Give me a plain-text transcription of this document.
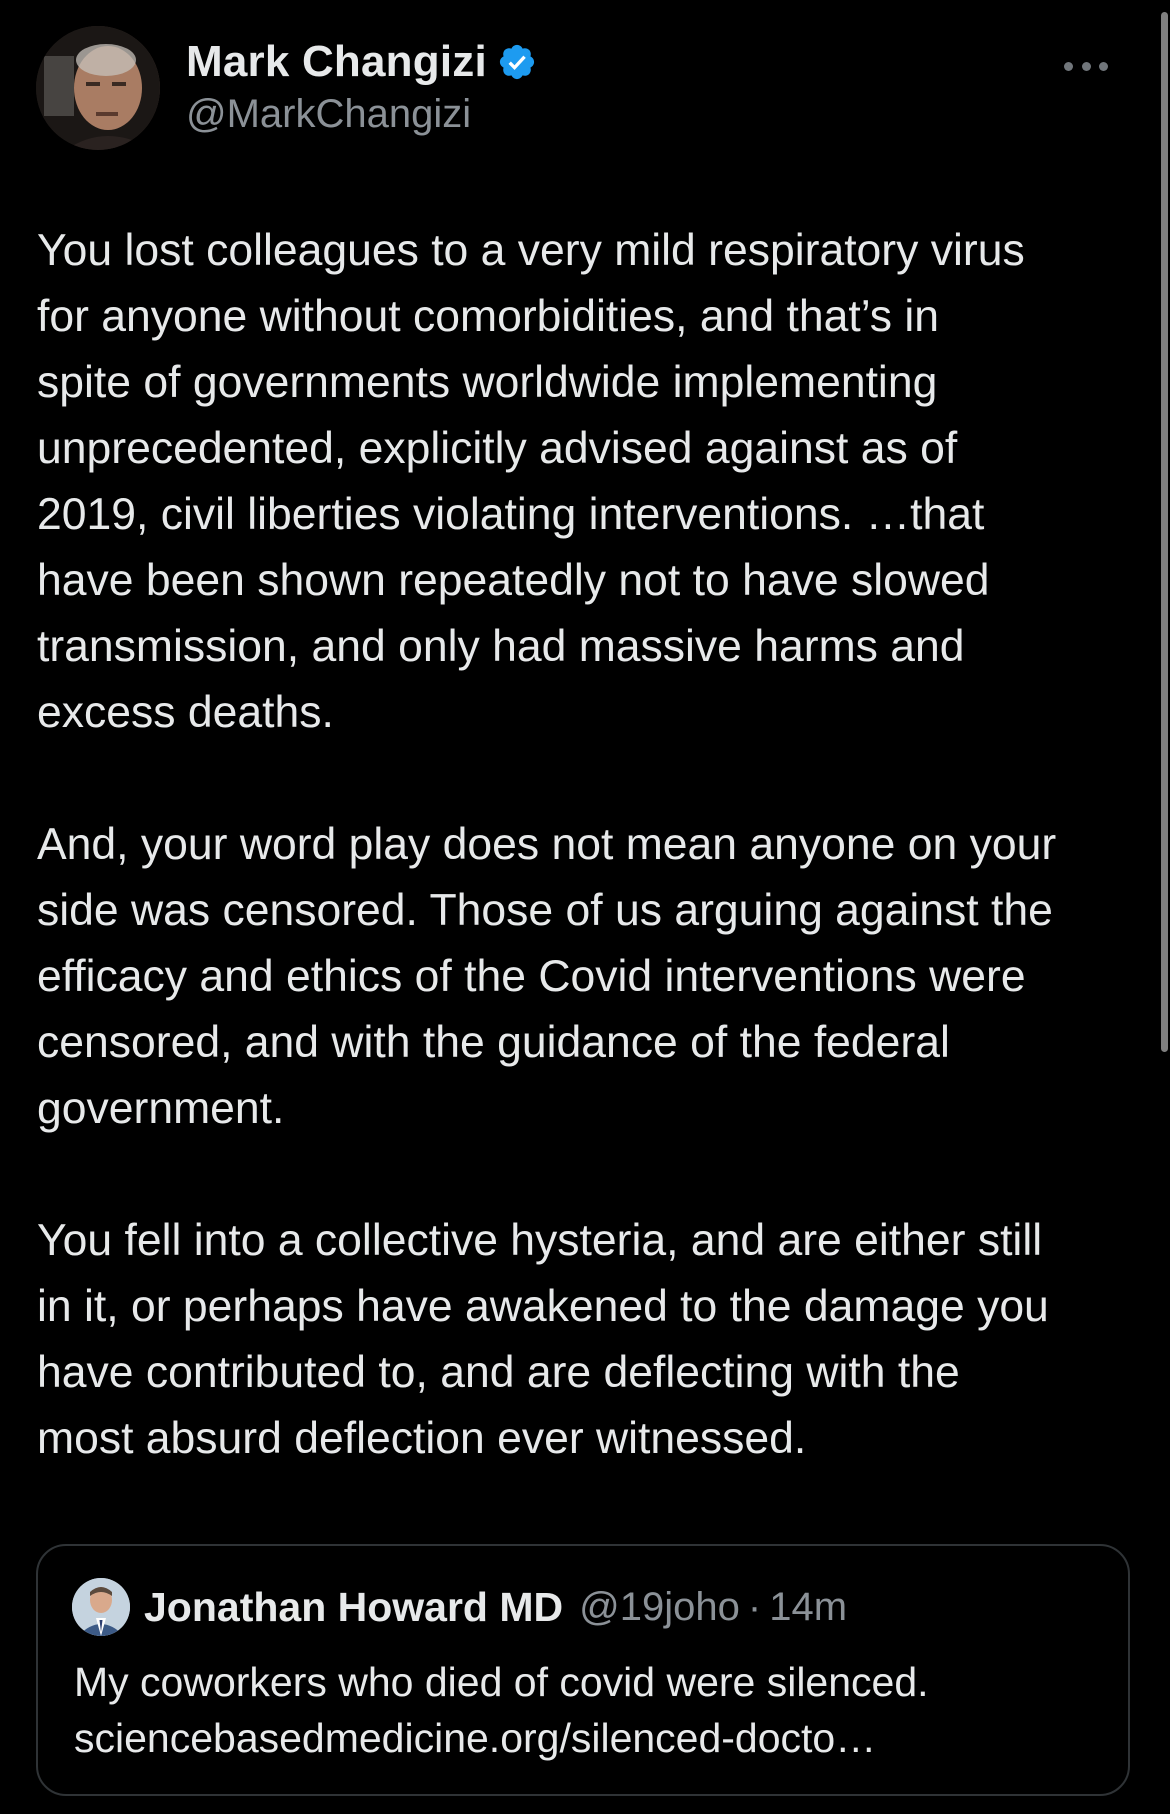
Mark Changizi
@MarkChangizi

You lost colleagues to a very mild respiratory virus
for anyone without comorbidities, and that’s in
spite of governments worldwide implementing
unprecedented, explicitly advised against as of
2019, civil liberties violating interventions. …that
have been shown repeatedly not to have slowed
transmission, and only had massive harms and
excess deaths.

And, your word play does not mean anyone on your
side was censored. Those of us arguing against the
efficacy and ethics of the Covid interventions were
censored, and with the guidance of the federal
government.

You fell into a collective hysteria, and are either still
in it, or perhaps have awakened to the damage you
have contributed to, and are deflecting with the
most absurd deflection ever witnessed.

Jonathan Howard MD @19joho · 14m
My coworkers who died of covid were silenced.
sciencebasedmedicine.org/silenced-docto…
